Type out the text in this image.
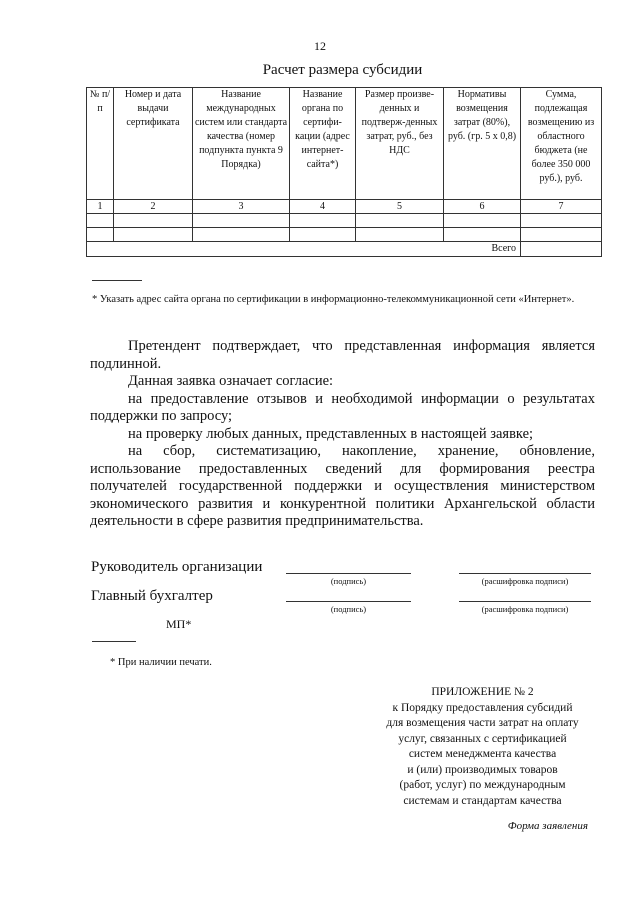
12
Расчет размера субсидии
№ п/п	Номер и дата выдачи сертификата	Название международных систем или стандарта качества (номер подпункта пункта 9 Порядка)	Название органа по сертифи-кации (адрес интернет-сайта*)	Размер произве-денных и подтверж-денных затрат, руб., без НДС	Нормативы возмещения затрат (80%), руб. (гр. 5 х 0,8)	Сумма, подлежащая возмещению из областного бюджета (не более 350 000 руб.), руб.
1	2	3	4	5	6	7

Всего						
* Указать адрес сайта органа по сертификации в информационно-телекоммуникационной сети «Интернет».

Претендент подтверждает, что представленная информация является подлинной.

Данная заявка означает согласие:

на предоставление отзывов и необходимой информации о результатах поддержки по запросу;

на проверку любых данных, представленных в настоящей заявке;

на сбор, систематизацию, накопление, хранение, обновление, использование предоставленных сведений для формирования реестра получателей государственной поддержки и осуществления министерством экономического развития и конкурентной политики Архангельской области деятельности в сфере развития предпринимательства.

Руководитель организации
(подпись)	(расшифровка подписи)
Главный бухгалтер
(подпись)	(расшифровка подписи)
МП*
* При наличии печати.
ПРИЛОЖЕНИЕ № 2
к Порядку предоставления субсидий
для возмещения части затрат на оплату
услуг, связанных с сертификацией
систем менеджмента качества
и (или) производимых товаров
(работ, услуг) по международным
системам и стандартам качества
Форма заявления
